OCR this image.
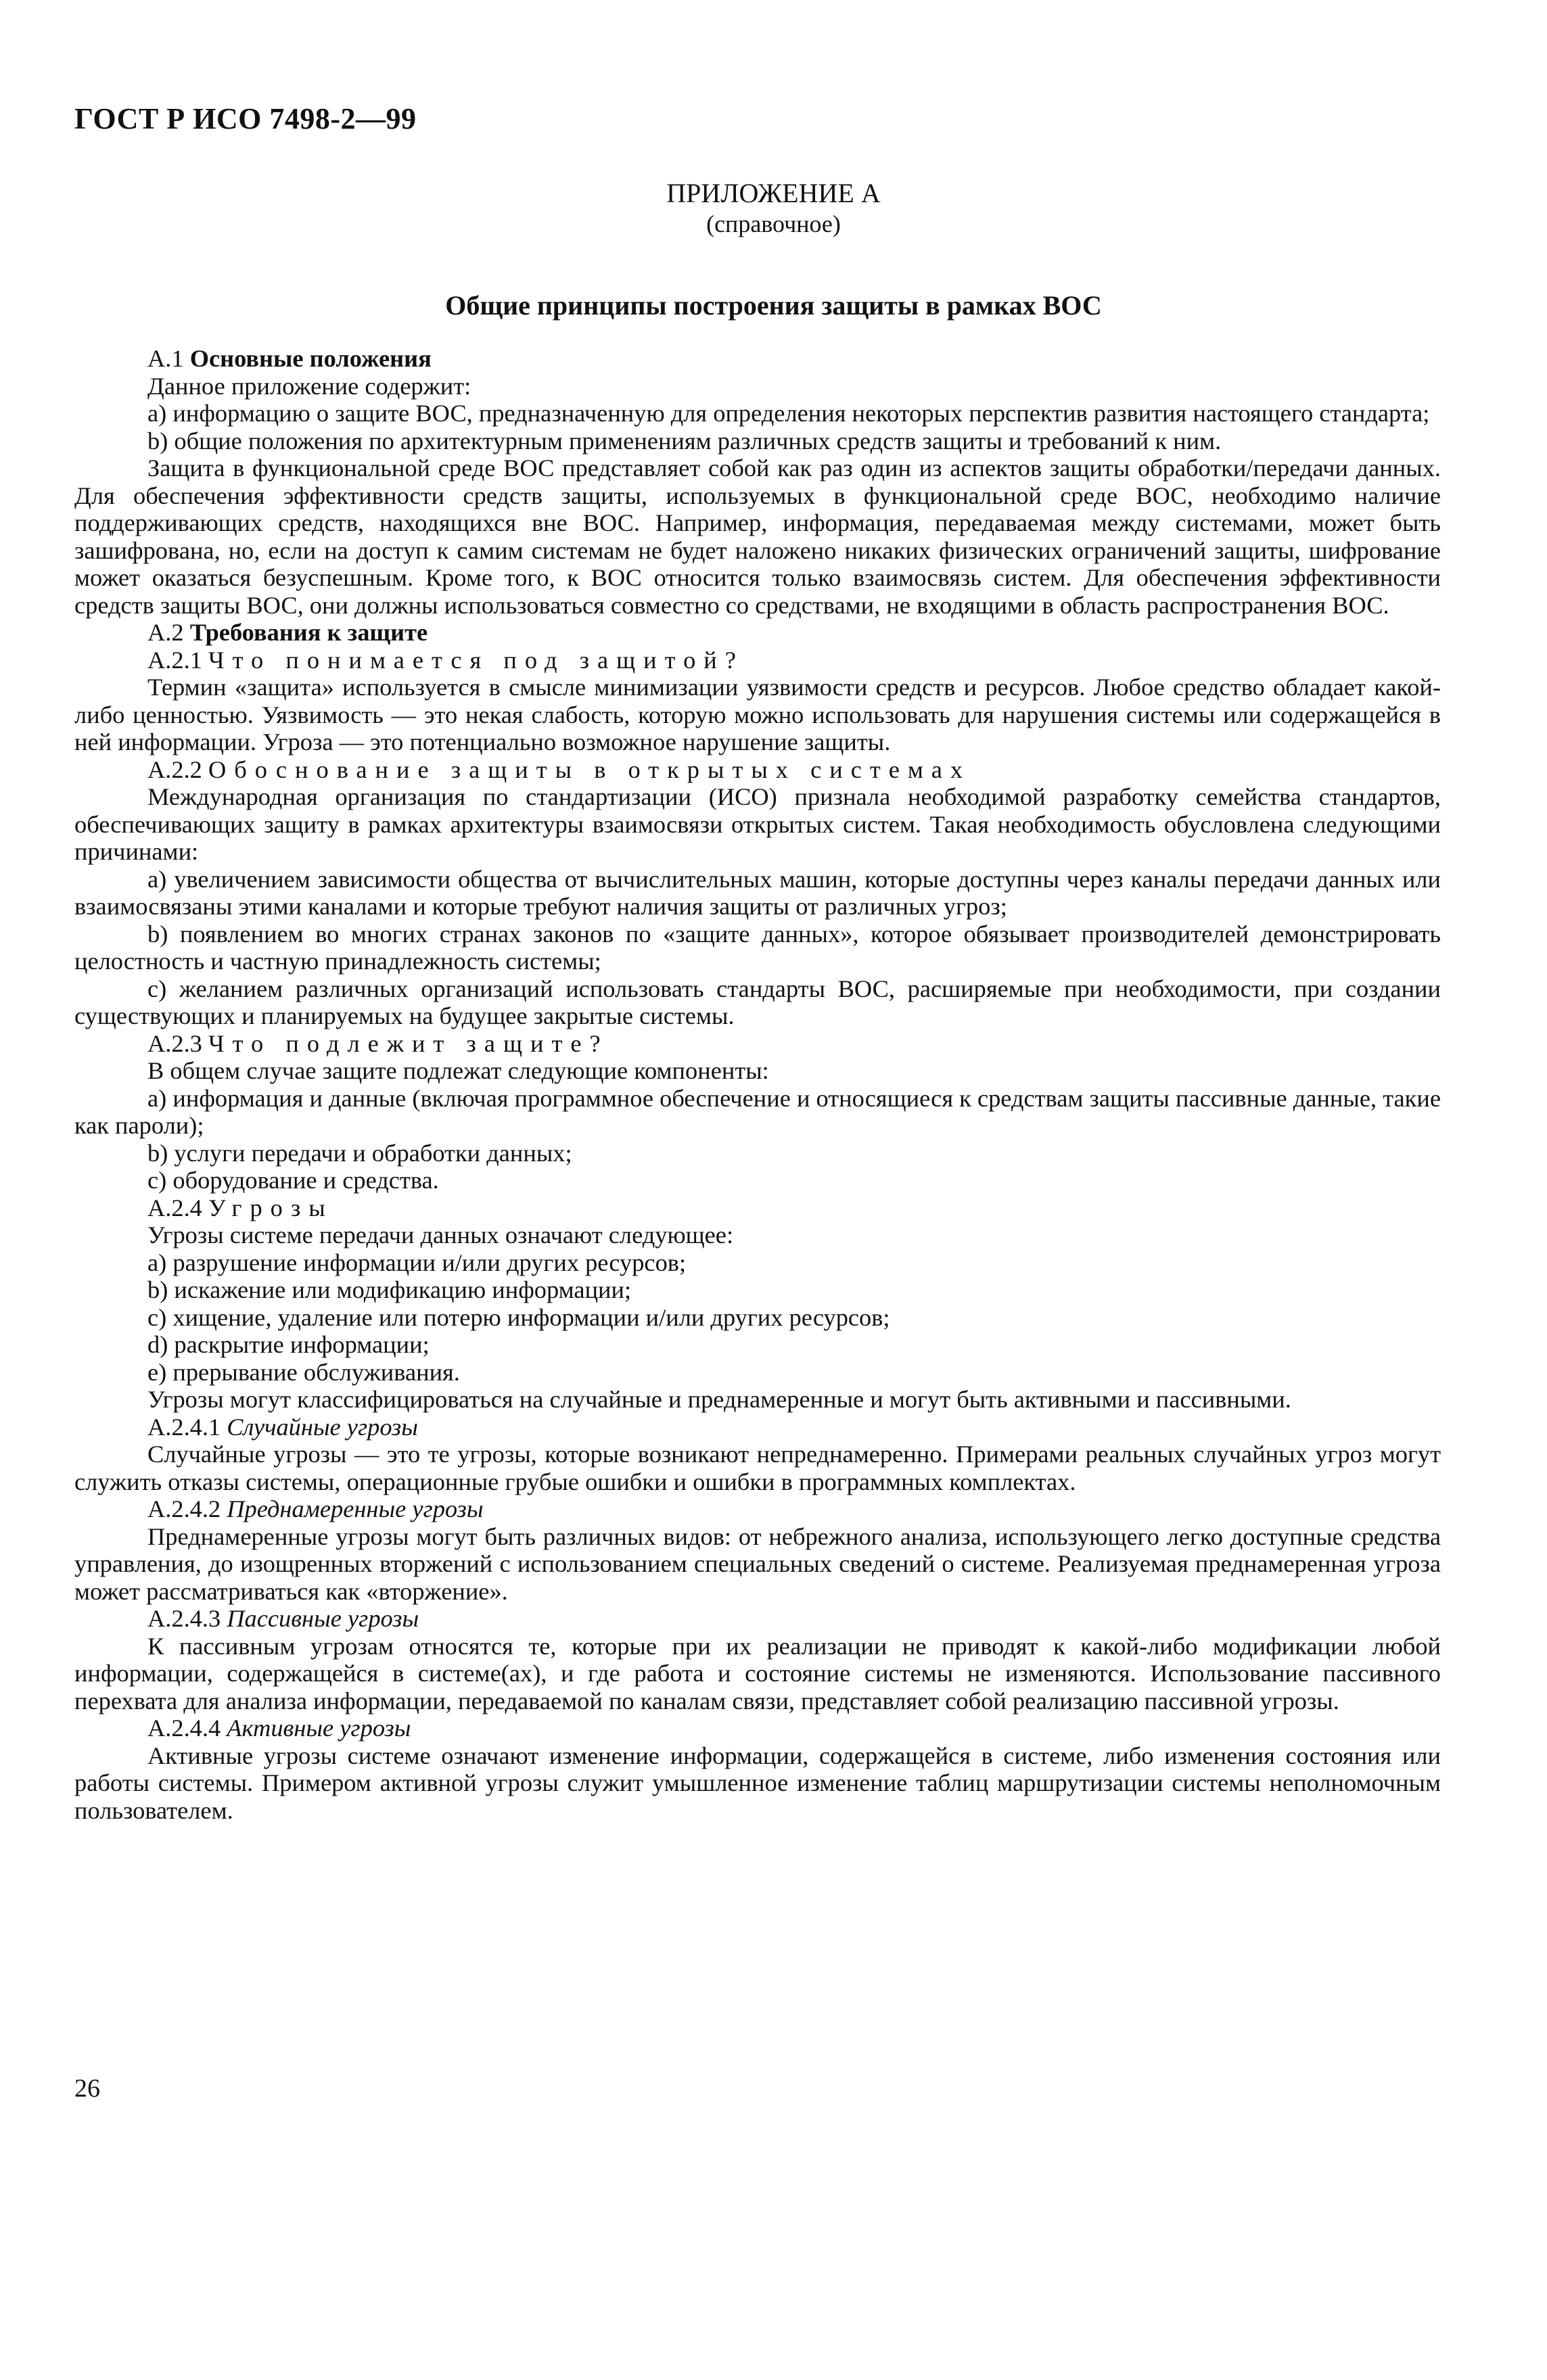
ГОСТ Р ИСО 7498-2—99

ПРИЛОЖЕНИЕ А

(справочное)

Общие принципы построения защиты в рамках ВОС

А.1 Основные положения

Данное приложение содержит:

а) информацию о защите ВОС, предназначенную для определения некоторых перспектив развития настоящего стандарта;

b) общие положения по архитектурным применениям различных средств защиты и требований к ним.

Защита в функциональной среде ВОС представляет собой как раз один из аспектов защиты обработки/передачи данных. Для обеспечения эффективности средств защиты, используемых в функциональной среде ВОС, необходимо наличие поддерживающих средств, находящихся вне ВОС. Например, информация, передаваемая между системами, может быть зашифрована, но, если на доступ к самим системам не будет наложено никаких физических ограничений защиты, шифрование может оказаться безуспешным. Кроме того, к ВОС относится только взаимосвязь систем. Для обеспечения эффективности средств защиты ВОС, они должны использоваться совместно со средствами, не входящими в область распространения ВОС.

А.2 Требования к защите

А.2.1 Что понимается под защитой?

Термин «защита» используется в смысле минимизации уязвимости средств и ресурсов. Любое средство обладает какой-либо ценностью. Уязвимость — это некая слабость, которую можно использовать для нарушения системы или содержащейся в ней информации. Угроза — это потенциально возможное нарушение защиты.

А.2.2 Обоснование защиты в открытых системах

Международная организация по стандартизации (ИСО) признала необходимой разработку семейства стандартов, обеспечивающих защиту в рамках архитектуры взаимосвязи открытых систем. Такая необходимость обусловлена следующими причинами:

а) увеличением зависимости общества от вычислительных машин, которые доступны через каналы передачи данных или взаимосвязаны этими каналами и которые требуют наличия защиты от различных угроз;

b) появлением во многих странах законов по «защите данных», которое обязывает производителей демонстрировать целостность и частную принадлежность системы;

с) желанием различных организаций использовать стандарты ВОС, расширяемые при необходимости, при создании существующих и планируемых на будущее закрытые системы.

А.2.3 Что подлежит защите?

В общем случае защите подлежат следующие компоненты:

а) информация и данные (включая программное обеспечение и относящиеся к средствам защиты пассивные данные, такие как пароли);

b) услуги передачи и обработки данных;

с) оборудование и средства.

А.2.4 Угрозы

Угрозы системе передачи данных означают следующее:

а) разрушение информации и/или других ресурсов;

b) искажение или модификацию информации;

с) хищение, удаление или потерю информации и/или других ресурсов;

d) раскрытие информации;

е) прерывание обслуживания.

Угрозы могут классифицироваться на случайные и преднамеренные и могут быть активными и пассивными.

А.2.4.1 Случайные угрозы

Случайные угрозы — это те угрозы, которые возникают непреднамеренно. Примерами реальных случайных угроз могут служить отказы системы, операционные грубые ошибки и ошибки в программных комплектах.

А.2.4.2 Преднамеренные угрозы

Преднамеренные угрозы могут быть различных видов: от небрежного анализа, использующего легко доступные средства управления, до изощренных вторжений с использованием специальных сведений о системе. Реализуемая преднамеренная угроза может рассматриваться как «вторжение».

А.2.4.3 Пассивные угрозы

К пассивным угрозам относятся те, которые при их реализации не приводят к какой-либо модификации любой информации, содержащейся в системе(ах), и где работа и состояние системы не изменяются. Использование пассивного перехвата для анализа информации, передаваемой по каналам связи, представляет собой реализацию пассивной угрозы.

А.2.4.4 Активные угрозы

Активные угрозы системе означают изменение информации, содержащейся в системе, либо изменения состояния или работы системы. Примером активной угрозы служит умышленное изменение таблиц маршрутизации системы неполномочным пользователем.

26
